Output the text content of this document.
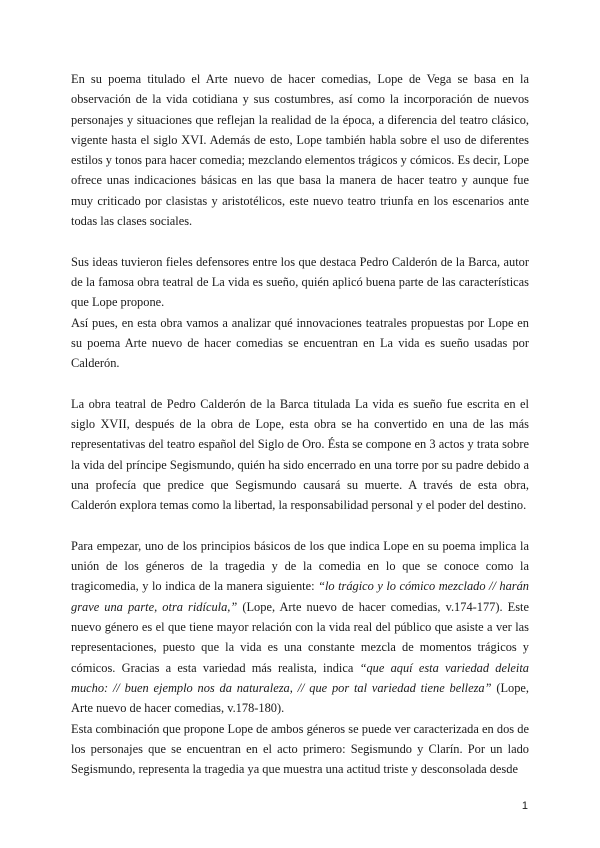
En su poema titulado el Arte nuevo de hacer comedias, Lope de Vega se basa en la observación de la vida cotidiana y sus costumbres, así como la incorporación de nuevos personajes y situaciones que reflejan la realidad de la época, a diferencia del teatro clásico, vigente hasta el siglo XVI. Además de esto, Lope también habla sobre el uso de diferentes estilos y tonos para hacer comedia; mezclando elementos trágicos y cómicos. Es decir, Lope ofrece unas indicaciones básicas en las que basa la manera de hacer teatro y aunque fue muy criticado por clasistas y aristotélicos, este nuevo teatro triunfa en los escenarios ante todas las clases sociales.

Sus ideas tuvieron fieles defensores entre los que destaca Pedro Calderón de la Barca, autor de la famosa obra teatral de La vida es sueño, quién aplicó buena parte de las características que Lope propone.

Así pues, en esta obra vamos a analizar qué innovaciones teatrales propuestas por Lope en su poema Arte nuevo de hacer comedias se encuentran en La vida es sueño usadas por Calderón.

La obra teatral de Pedro Calderón de la Barca titulada La vida es sueño fue escrita en el siglo XVII, después de la obra de Lope, esta obra se ha convertido en una de las más representativas del teatro español del Siglo de Oro. Ésta se compone en 3 actos y trata sobre la vida del príncipe Segismundo, quién ha sido encerrado en una torre por su padre debido a una profecía que predice que Segismundo causará su muerte. A través de esta obra, Calderón explora temas como la libertad, la responsabilidad personal y el poder del destino.

Para empezar, uno de los principios básicos de los que indica Lope en su poema implica la unión de los géneros de la tragedia y de la comedia en lo que se conoce como la tragicomedia, y lo indica de la manera siguiente: “lo trágico y lo cómico mezclado // harán grave una parte, otra ridícula,” (Lope, Arte nuevo de hacer comedias, v.174-177). Este nuevo género es el que tiene mayor relación con la vida real del público que asiste a ver las representaciones, puesto que la vida es una constante mezcla de momentos trágicos y cómicos. Gracias a esta variedad más realista, indica “que aquí esta variedad deleita mucho: // buen ejemplo nos da naturaleza, // que por tal variedad tiene belleza” (Lope, Arte nuevo de hacer comedias, v.178-180).

Esta combinación que propone Lope de ambos géneros se puede ver caracterizada en dos de los personajes que se encuentran en el acto primero: Segismundo y Clarín. Por un lado Segismundo, representa la tragedia ya que muestra una actitud triste y desconsolada desde

1
